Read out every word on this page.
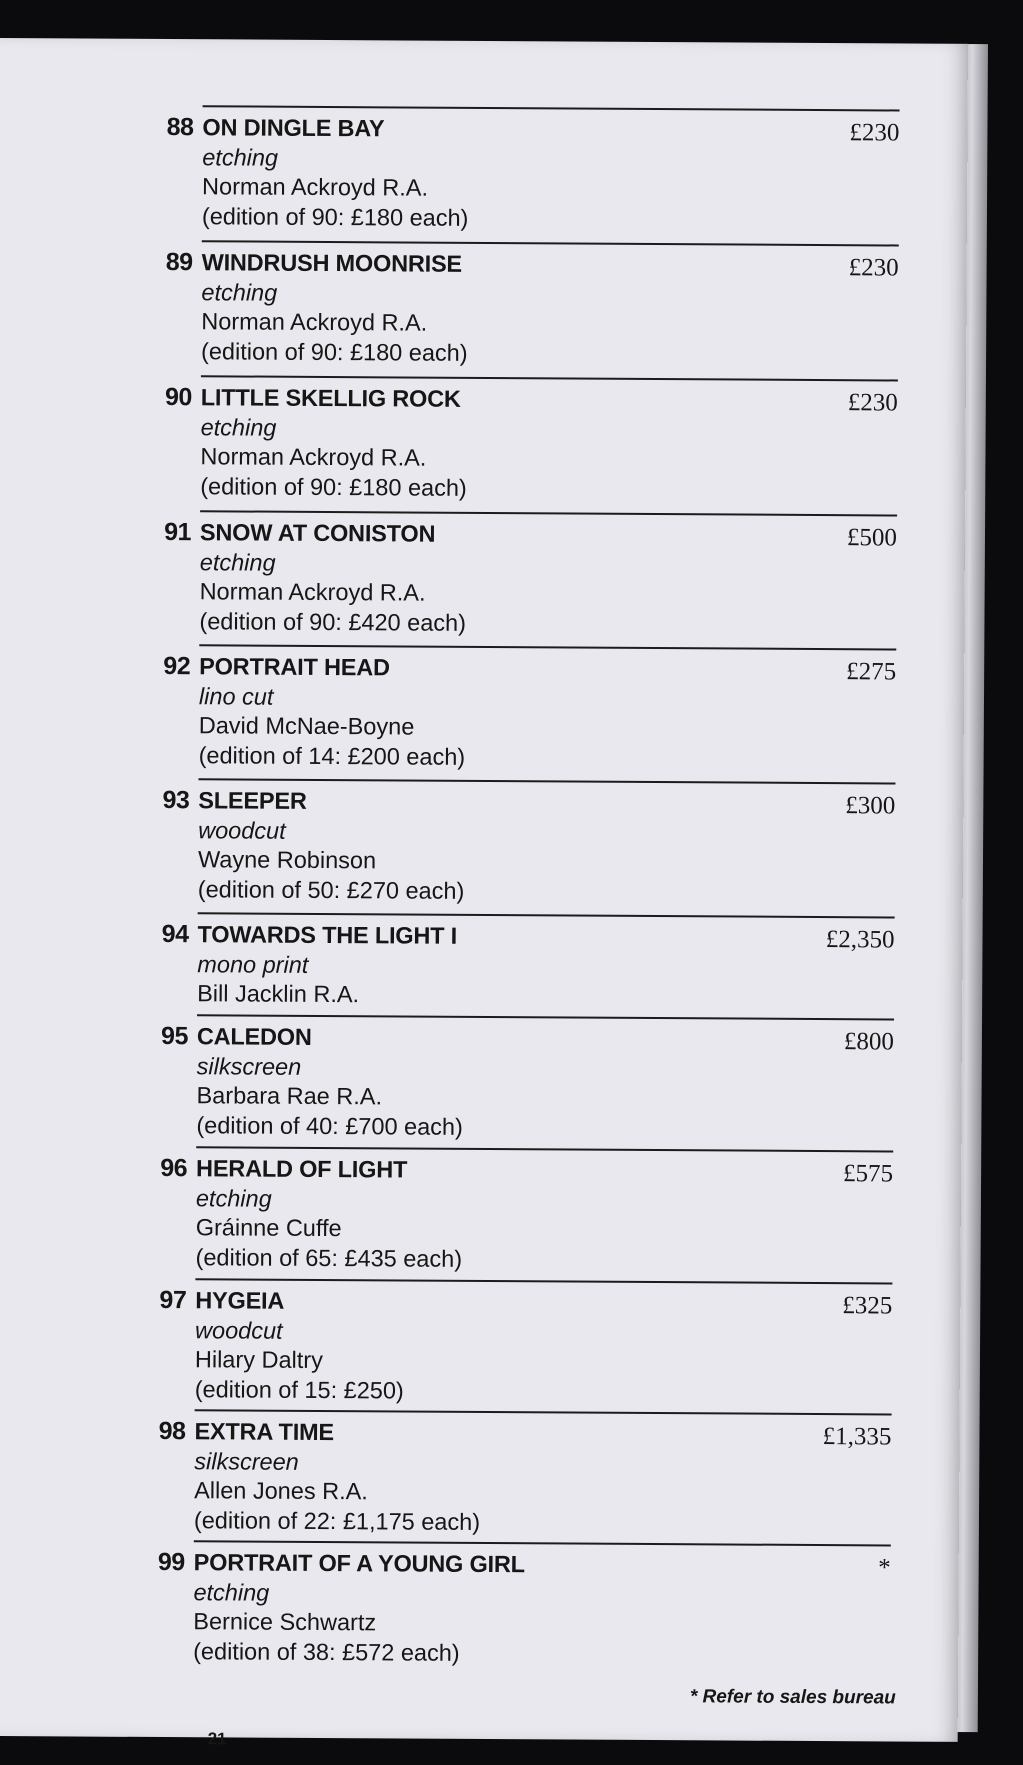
88 ON DINGLE BAY
etching
Norman Ackroyd R.A.
(edition of 90: £180 each)
£230
89 WINDRUSH MOONRISE
etching
Norman Ackroyd R.A.
(edition of 90: £180 each)
£230
90 LITTLE SKELLIG ROCK
etching
Norman Ackroyd R.A.
(edition of 90: £180 each)
£230
91 SNOW AT CONISTON
etching
Norman Ackroyd R.A.
(edition of 90: £420 each)
£500
92 PORTRAIT HEAD
lino cut
David McNae-Boyne
(edition of 14: £200 each)
£275
93 SLEEPER
woodcut
Wayne Robinson
(edition of 50: £270 each)
£300
94 TOWARDS THE LIGHT I
mono print
Bill Jacklin R.A.
£2,350
95 CALEDON
silkscreen
Barbara Rae R.A.
(edition of 40: £700 each)
£800
96 HERALD OF LIGHT
etching
Gráinne Cuffe
(edition of 65: £435 each)
£575
97 HYGEIA
woodcut
Hilary Daltry
(edition of 15: £250)
£325
98 EXTRA TIME
silkscreen
Allen Jones R.A.
(edition of 22: £1,175 each)
£1,335
99 PORTRAIT OF A YOUNG GIRL
etching
Bernice Schwartz
(edition of 38: £572 each)
*
* Refer to sales bureau
21
